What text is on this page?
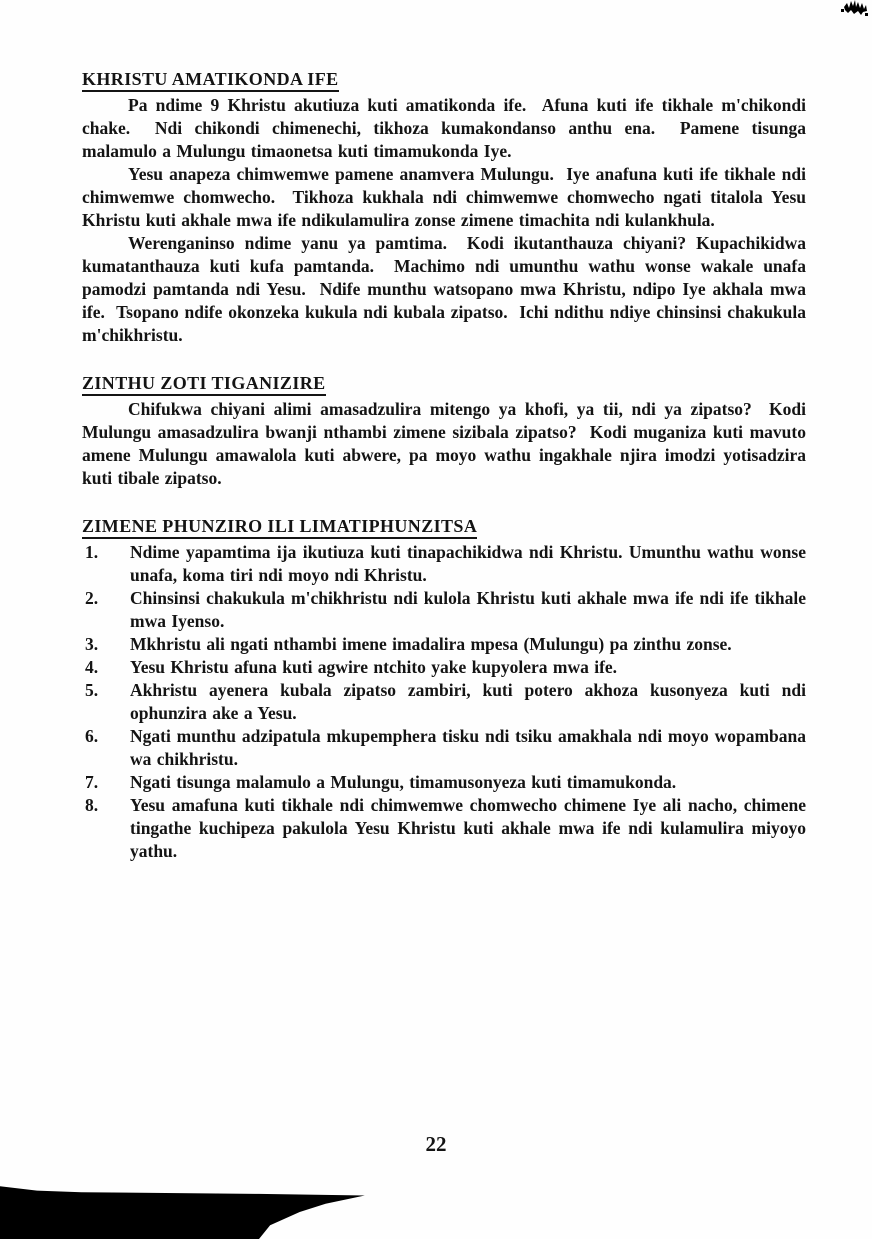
KHRISTU AMATIKONDA IFE

Pa ndime 9 Khristu akutiuza kuti amatikonda ife.  Afuna kuti ife tikhale m'chikondi chake.  Ndi chikondi chimenechi, tikhoza kumakondanso anthu ena.  Pamene tisunga malamulo a Mulungu timaonetsa kuti timamukonda Iye.

Yesu anapeza chimwemwe pamene anamvera Mulungu.  Iye anafuna kuti ife tikhale ndi chimwemwe chomwecho.  Tikhoza kukhala ndi chimwemwe chomwecho ngati titalola Yesu Khristu kuti akhale mwa ife ndikulamulira zonse zimene timachita ndi kulankhula.

Werenganinso ndime yanu ya pamtima.  Kodi ikutanthauza chiyani? Kupachikidwa kumatanthauza kuti kufa pamtanda.  Machimo ndi umunthu wathu wonse wakale unafa pamodzi pamtanda ndi Yesu.  Ndife munthu watsopano mwa Khristu, ndipo Iye akhala mwa ife.  Tsopano ndife okonzeka kukula ndi kubala zipatso.  Ichi ndithu ndiye chinsinsi chakukula m'chikhristu.

ZINTHU ZOTI TIGANIZIRE

Chifukwa chiyani alimi amasadzulira mitengo ya khofi, ya tii, ndi ya zipatso?  Kodi Mulungu amasadzulira bwanji nthambi zimene sizibala zipatso?  Kodi muganiza kuti mavuto amene Mulungu amawalola kuti abwere, pa moyo wathu ingakhale njira imodzi yotisadzira kuti tibale zipatso.

ZIMENE PHUNZIRO ILI LIMATIPHUNZITSA
1. Ndime yapamtima ija ikutiuza kuti tinapachikidwa ndi Khristu. Umunthu wathu wonse unafa, koma tiri ndi moyo ndi Khristu.
2. Chinsinsi chakukula m'chikhristu ndi kulola Khristu kuti akhale mwa ife ndi ife tikhale mwa Iyenso.
3. Mkhristu ali ngati nthambi imene imadalira mpesa (Mulungu) pa zinthu zonse.
4. Yesu Khristu afuna kuti agwire ntchito yake kupyolera mwa ife.
5. Akhristu ayenera kubala zipatso zambiri, kuti potero akhoza kusonyeza kuti ndi ophunzira ake a Yesu.
6. Ngati munthu adzipatula mkupemphera tisku ndi tsiku amakhala ndi moyo wopambana wa chikhristu.
7. Ngati tisunga malamulo a Mulungu, timamusonyeza kuti timamukonda.
8. Yesu amafuna kuti tikhale ndi chimwemwe chomwecho chimene Iye ali nacho, chimene tingathe kuchipeza pakulola Yesu Khristu kuti akhale mwa ife ndi kulamulira miyoyo yathu.
22
